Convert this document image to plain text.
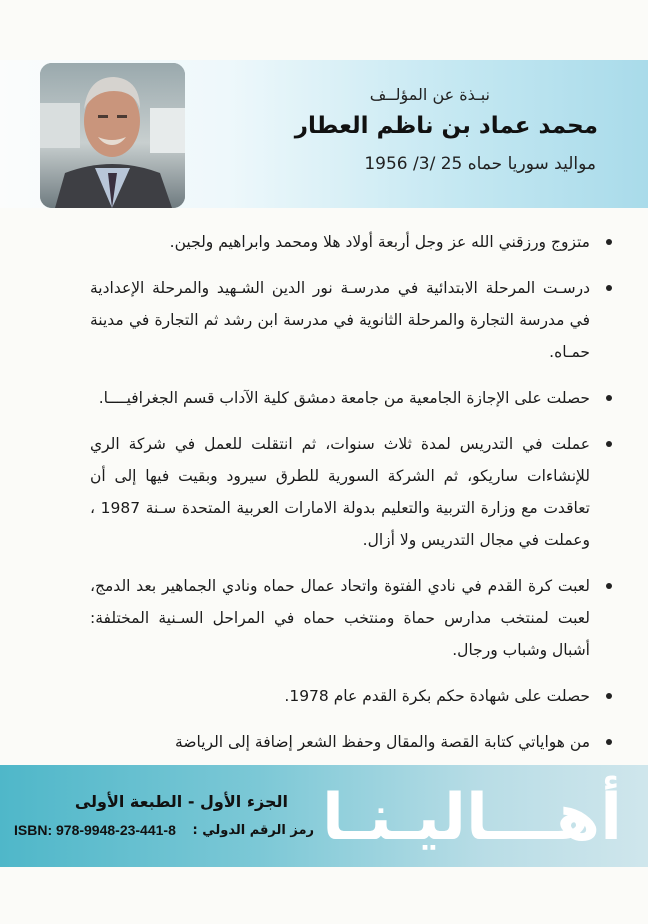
نبـذة عن المؤلــف
محمد عماد بن ناظم العطار
مواليد سوريا حماه 25 /3/ 1956
متزوج ورزقني الله عز وجل أربعة أولاد هلا ومحمد وابراهيم ولجين.
درسـت المرحلة الابتدائية في مدرسـة نور الدين الشـهيد والمرحلة الإعدادية في مدرسة التجارة والمرحلة الثانوية في مدرسة ابن رشد ثم التجارة في مدينة حمـاه.
حصلت على الإجازة الجامعية من جامعة دمشق كلية الآداب قسم الجغرافيــــا.
عملت في التدريس لمدة ثلاث سنوات، ثم انتقلت للعمل في شركة الري للإنشاءات ساريكو، ثم الشركة السورية للطرق سيرود وبقيت فيها إلى أن تعاقدت مع وزارة التربية والتعليم بدولة الامارات العربية المتحدة سـنة 1987 ، وعملت في مجال التدريس ولا أزال.
لعبت كرة القدم في نادي الفتوة واتحاد عمال حماه ونادي الجماهير بعد الدمج، لعبت لمنتخب مدارس حماة ومنتخب حماه في المراحل السـنية المختلفة: أشبال وشباب ورجال.
حصلت على شهادة حكم بكرة القدم عام 1978.
من هواياتي كتابة القصة والمقال وحفظ الشعر إضافة إلى الرياضة
أهـــاليـنـا
الجزء الأول - الطبعة الأولى
ISBN: 978-9948-23-441-8 رمز الرقم الدولي :
